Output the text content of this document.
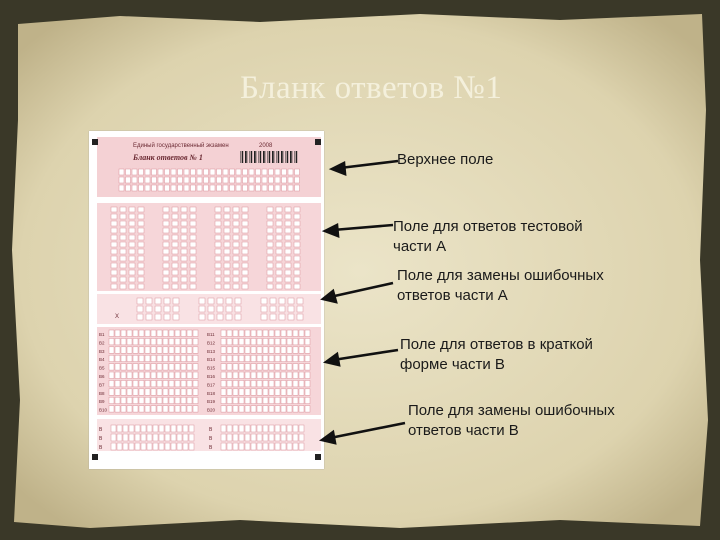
Бланк ответов №1
Единый государственный экзамен	2008
Бланк ответов № 1
Х
В1	В11
В2	В12
В3	В13
В4	В14
В5	В15
В6	В16
В7	В17
В8	В18
В9	В19
В10	В20
В	В
В	В
В	В
Верхнее поле
Поле для ответов тестовой
части А
Поле для замены ошибочных
ответов части А
Поле для ответов в краткой
форме части В
Поле для замены ошибочных
ответов части В
